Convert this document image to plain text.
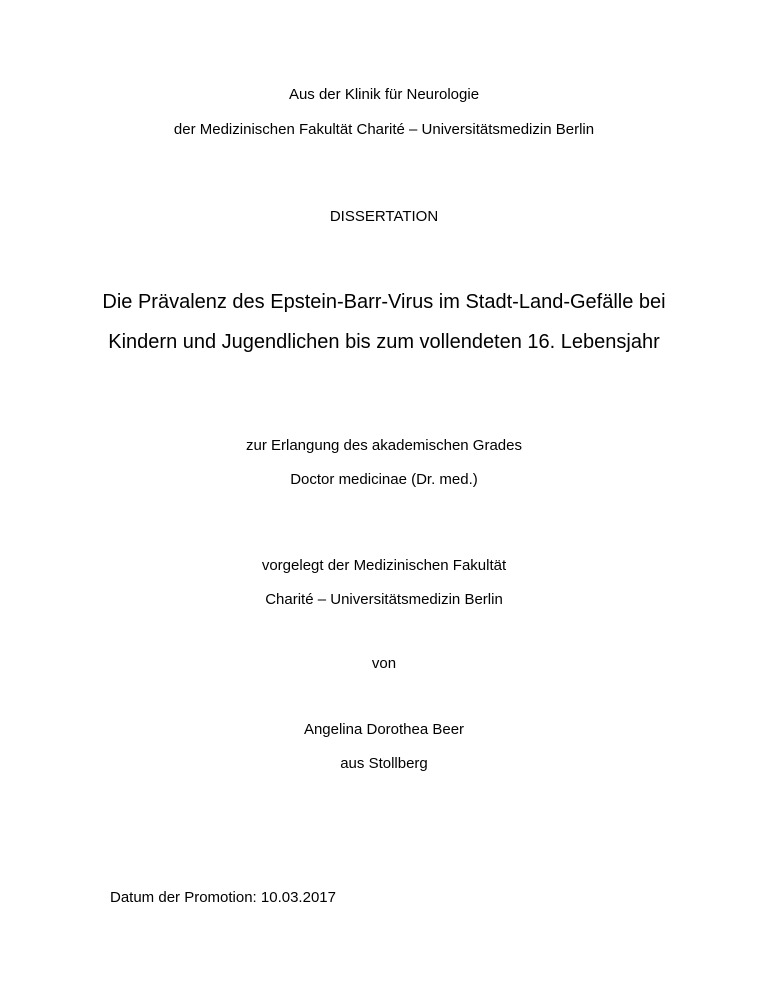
Aus der Klinik für Neurologie
der Medizinischen Fakultät Charité – Universitätsmedizin Berlin
DISSERTATION
Die Prävalenz des Epstein-Barr-Virus im Stadt-Land-Gefälle bei
Kindern und Jugendlichen bis zum vollendeten 16. Lebensjahr
zur Erlangung des akademischen Grades
Doctor medicinae (Dr. med.)
vorgelegt der Medizinischen Fakultät
Charité – Universitätsmedizin Berlin
von
Angelina Dorothea Beer
aus Stollberg
Datum der Promotion: 10.03.2017
